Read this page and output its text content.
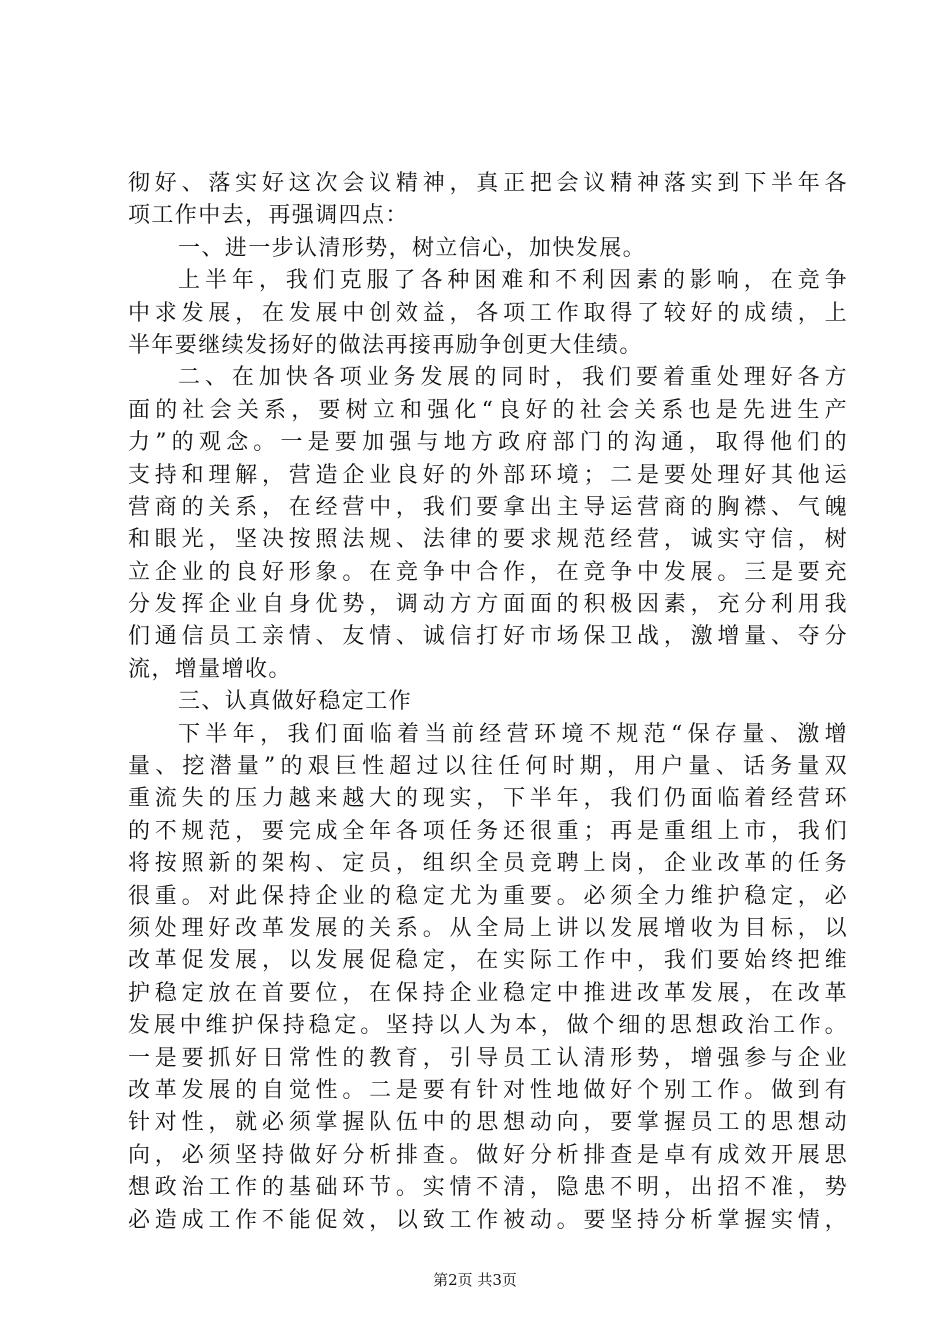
彻好、落实好这次会议精神，真正把会议精神落实到下半年各
项工作中去，再强调四点：
一、进一步认清形势，树立信心，加快发展。
上半年，我们克服了各种困难和不利因素的影响，在竞争
中求发展，在发展中创效益，各项工作取得了较好的成绩，上
半年要继续发扬好的做法再接再励争创更大佳绩。
二、在加快各项业务发展的同时，我们要着重处理好各方
面的社会关系，要树立和强化“良好的社会关系也是先进生产
力”的观念。一是要加强与地方政府部门的沟通，取得他们的
支持和理解，营造企业良好的外部环境；二是要处理好其他运
营商的关系，在经营中，我们要拿出主导运营商的胸襟、气魄
和眼光，坚决按照法规、法律的要求规范经营，诚实守信，树
立企业的良好形象。在竞争中合作，在竞争中发展。三是要充
分发挥企业自身优势，调动方方面面的积极因素，充分利用我
们通信员工亲情、友情、诚信打好市场保卫战，激增量、夺分
流，增量增收。
三、认真做好稳定工作
下半年，我们面临着当前经营环境不规范“保存量、激增
量、挖潜量”的艰巨性超过以往任何时期，用户量、话务量双
重流失的压力越来越大的现实，下半年，我们仍面临着经营环
的不规范，要完成全年各项任务还很重；再是重组上市，我们
将按照新的架构、定员，组织全员竞聘上岗，企业改革的任务
很重。对此保持企业的稳定尤为重要。必须全力维护稳定，必
须处理好改革发展的关系。从全局上讲以发展增收为目标，以
改革促发展，以发展促稳定，在实际工作中，我们要始终把维
护稳定放在首要位，在保持企业稳定中推进改革发展，在改革
发展中维护保持稳定。坚持以人为本，做个细的思想政治工作。
一是要抓好日常性的教育，引导员工认清形势，增强参与企业
改革发展的自觉性。二是要有针对性地做好个别工作。做到有
针对性，就必须掌握队伍中的思想动向，要掌握员工的思想动
向，必须坚持做好分析排查。做好分析排查是卓有成效开展思
想政治工作的基础环节。实情不清，隐患不明，出招不准，势
必造成工作不能促效，以致工作被动。要坚持分析掌握实情，
第2页 共3页
